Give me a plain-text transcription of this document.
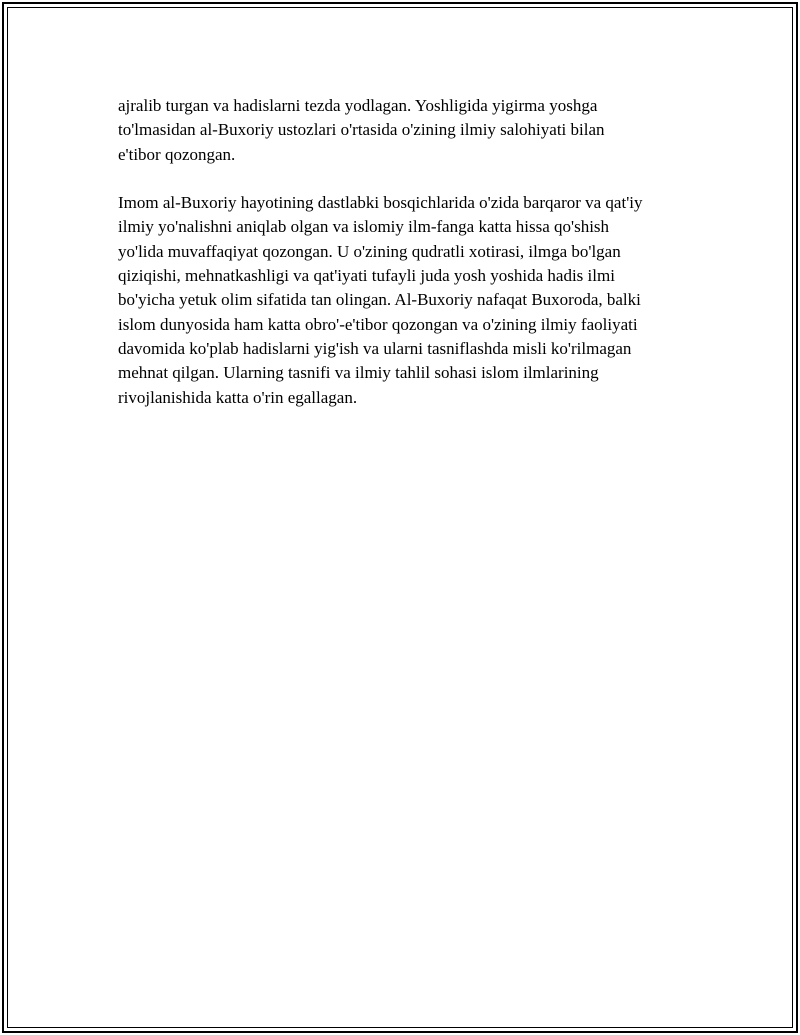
ajralib turgan va hadislarni tezda yodlagan. Yoshligida yigirma yoshga
to'lmasidan al-Buxoriy ustozlari o'rtasida o'zining ilmiy salohiyati bilan
e'tibor qozongan.

Imom al-Buxoriy hayotining dastlabki bosqichlarida o'zida barqaror va qat'iy
ilmiy yo'nalishni aniqlab olgan va islomiy ilm-fanga katta hissa qo'shish
yo'lida muvaffaqiyat qozongan. U o'zining qudratli xotirasi, ilmga bo'lgan
qiziqishi, mehnatkashligi va qat'iyati tufayli juda yosh yoshida hadis ilmi
bo'yicha yetuk olim sifatida tan olingan. Al-Buxoriy nafaqat Buxoroda, balki
islom dunyosida ham katta obro'-e'tibor qozongan va o'zining ilmiy faoliyati
davomida ko'plab hadislarni yig'ish va ularni tasniflashda misli ko'rilmagan
mehnat qilgan. Ularning tasnifi va ilmiy tahlil sohasi islom ilmlarining
rivojlanishida katta o'rin egallagan.
